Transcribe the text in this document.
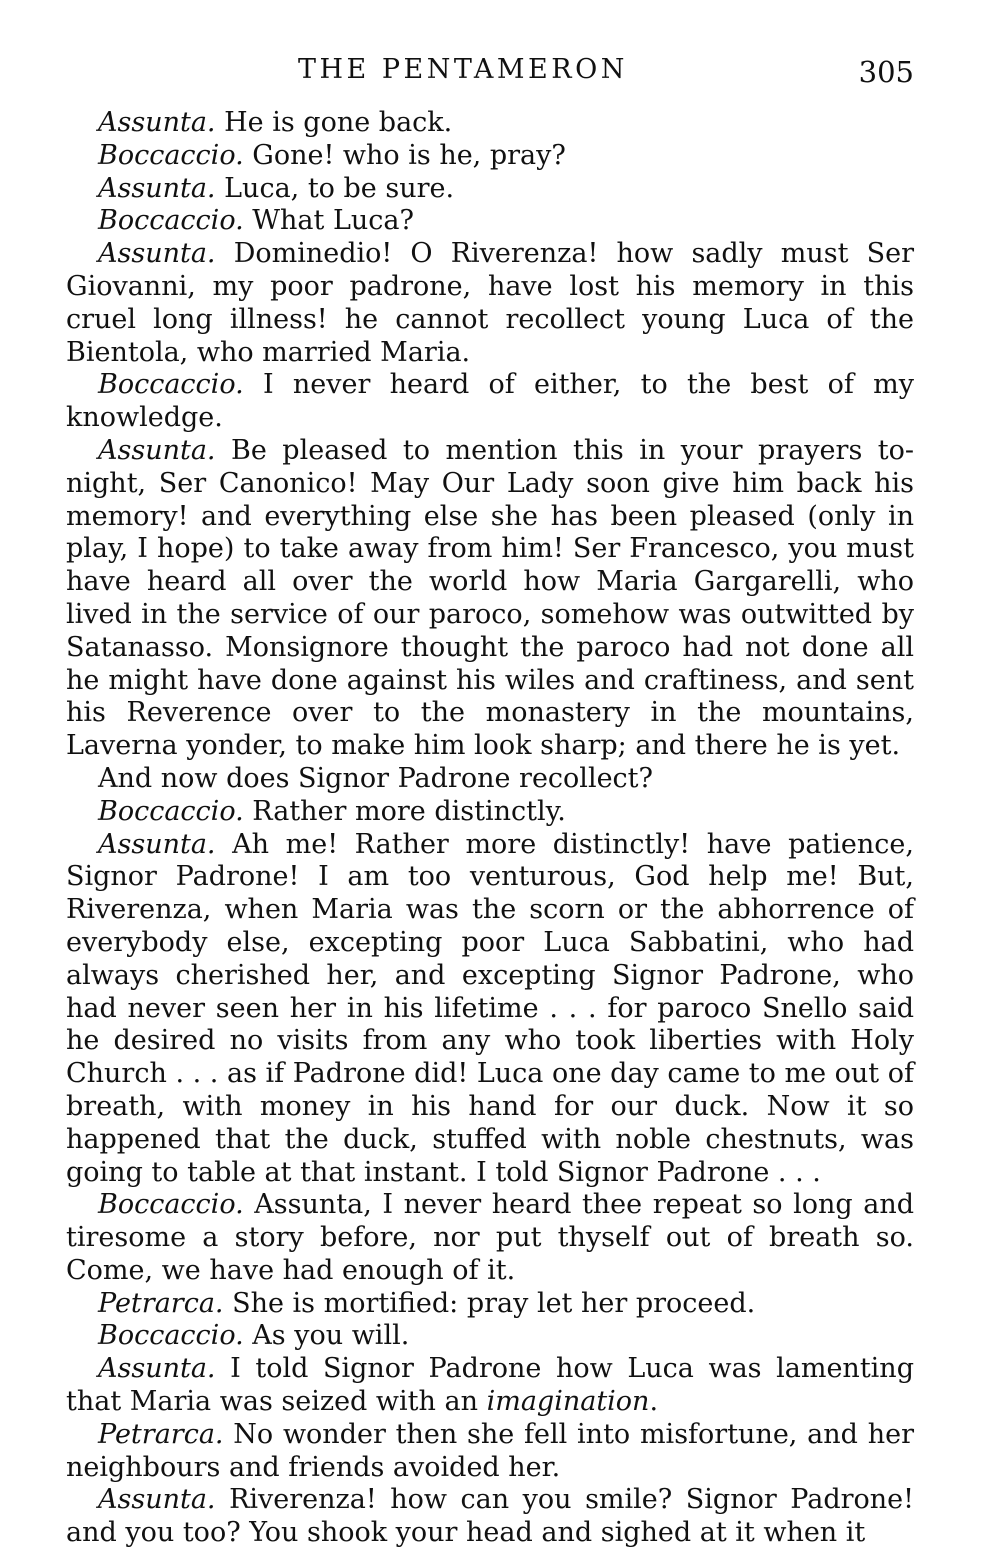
THE PENTAMERON	305

Assunta. He is gone back.

Boccaccio. Gone! who is he, pray?

Assunta. Luca, to be sure.

Boccaccio. What Luca?

Assunta. Dominedio! O Riverenza! how sadly must Ser Giovanni, my poor padrone, have lost his memory in this cruel long illness! he cannot recollect young Luca of the Bientola, who married Maria.

Boccaccio. I never heard of either, to the best of my knowledge.

Assunta. Be pleased to mention this in your prayers to-night, Ser Canonico! May Our Lady soon give him back his memory! and everything else she has been pleased (only in play, I hope) to take away from him! Ser Francesco, you must have heard all over the world how Maria Gargarelli, who lived in the service of our paroco, somehow was outwitted by Satanasso. Monsignore thought the paroco had not done all he might have done against his wiles and craftiness, and sent his Reverence over to the monastery in the mountains, Laverna yonder, to make him look sharp; and there he is yet.

And now does Signor Padrone recollect?

Boccaccio. Rather more distinctly.

Assunta. Ah me! Rather more distinctly! have patience, Signor Padrone! I am too venturous, God help me! But, Riverenza, when Maria was the scorn or the abhorrence of everybody else, excepting poor Luca Sabbatini, who had always cherished her, and excepting Signor Padrone, who had never seen her in his lifetime . . . for paroco Snello said he desired no visits from any who took liberties with Holy Church . . . as if Padrone did! Luca one day came to me out of breath, with money in his hand for our duck. Now it so happened that the duck, stuffed with noble chestnuts, was going to table at that instant. I told Signor Padrone . . .

Boccaccio. Assunta, I never heard thee repeat so long and tiresome a story before, nor put thyself out of breath so. Come, we have had enough of it.

Petrarca. She is mortified: pray let her proceed.

Boccaccio. As you will.

Assunta. I told Signor Padrone how Luca was lamenting that Maria was seized with an imagination.

Petrarca. No wonder then she fell into misfortune, and her neighbours and friends avoided her.

Assunta. Riverenza! how can you smile? Signor Padrone! and you too? You shook your head and sighed at it when it
